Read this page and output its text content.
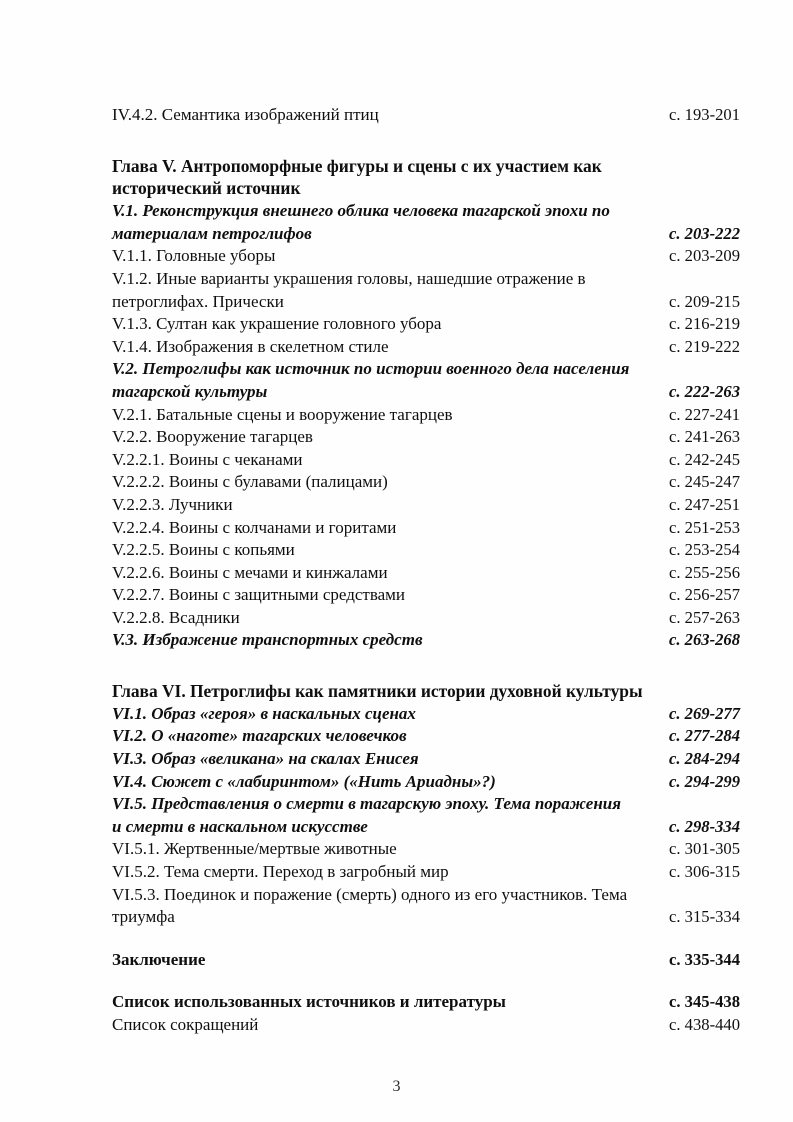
IV.4.2. Семантика изображений птиц	с. 193-201
Глава V. Антропоморфные фигуры и сцены с их участием как исторический источник
V.1. Реконструкция внешнего облика человека тагарской эпохи по материалам петроглифов	с. 203-222
V.1.1. Головные уборы	с. 203-209
V.1.2. Иные варианты украшения головы, нашедшие отражение в петроглифах. Прически	с. 209-215
V.1.3. Султан как украшение головного убора	с. 216-219
V.1.4. Изображения в скелетном стиле	с. 219-222
V.2. Петроглифы как источник по истории военного дела населения тагарской культуры	с. 222-263
V.2.1. Батальные сцены и вооружение тагарцев	с. 227-241
V.2.2. Вооружение тагарцев	с. 241-263
V.2.2.1. Воины с чеканами	с. 242-245
V.2.2.2. Воины с булавами (палицами)	с. 245-247
V.2.2.3. Лучники	с. 247-251
V.2.2.4. Воины с колчанами и горитами	с. 251-253
V.2.2.5. Воины с копьями	с. 253-254
V.2.2.6. Воины с мечами и кинжалами	с. 255-256
V.2.2.7. Воины с защитными средствами	с. 256-257
V.2.2.8. Всадники	с. 257-263
V.3. Избражение транспортных средств	с. 263-268
Глава VI. Петроглифы как памятники истории духовной культуры
VI.1. Образ «героя» в наскальных сценах	с. 269-277
VI.2. О «наготе» тагарских человечков	с. 277-284
VI.3. Образ «великана» на скалах Енисея	с. 284-294
VI.4. Сюжет с «лабиринтом» («Нить Ариадны»?)	с. 294-299
VI.5. Представления о смерти в тагарскую эпоху. Тема поражения и смерти в наскальном искусстве	с. 298-334
VI.5.1. Жертвенные/мертвые животные	с. 301-305
VI.5.2. Тема смерти. Переход в загробный мир	с. 306-315
VI.5.3. Поединок и поражение (смерть) одного из его участников. Тема  триумфа	с. 315-334
Заключение	с. 335-344
Список использованных источников и литературы	с. 345-438
Список сокращений	с. 438-440
3
